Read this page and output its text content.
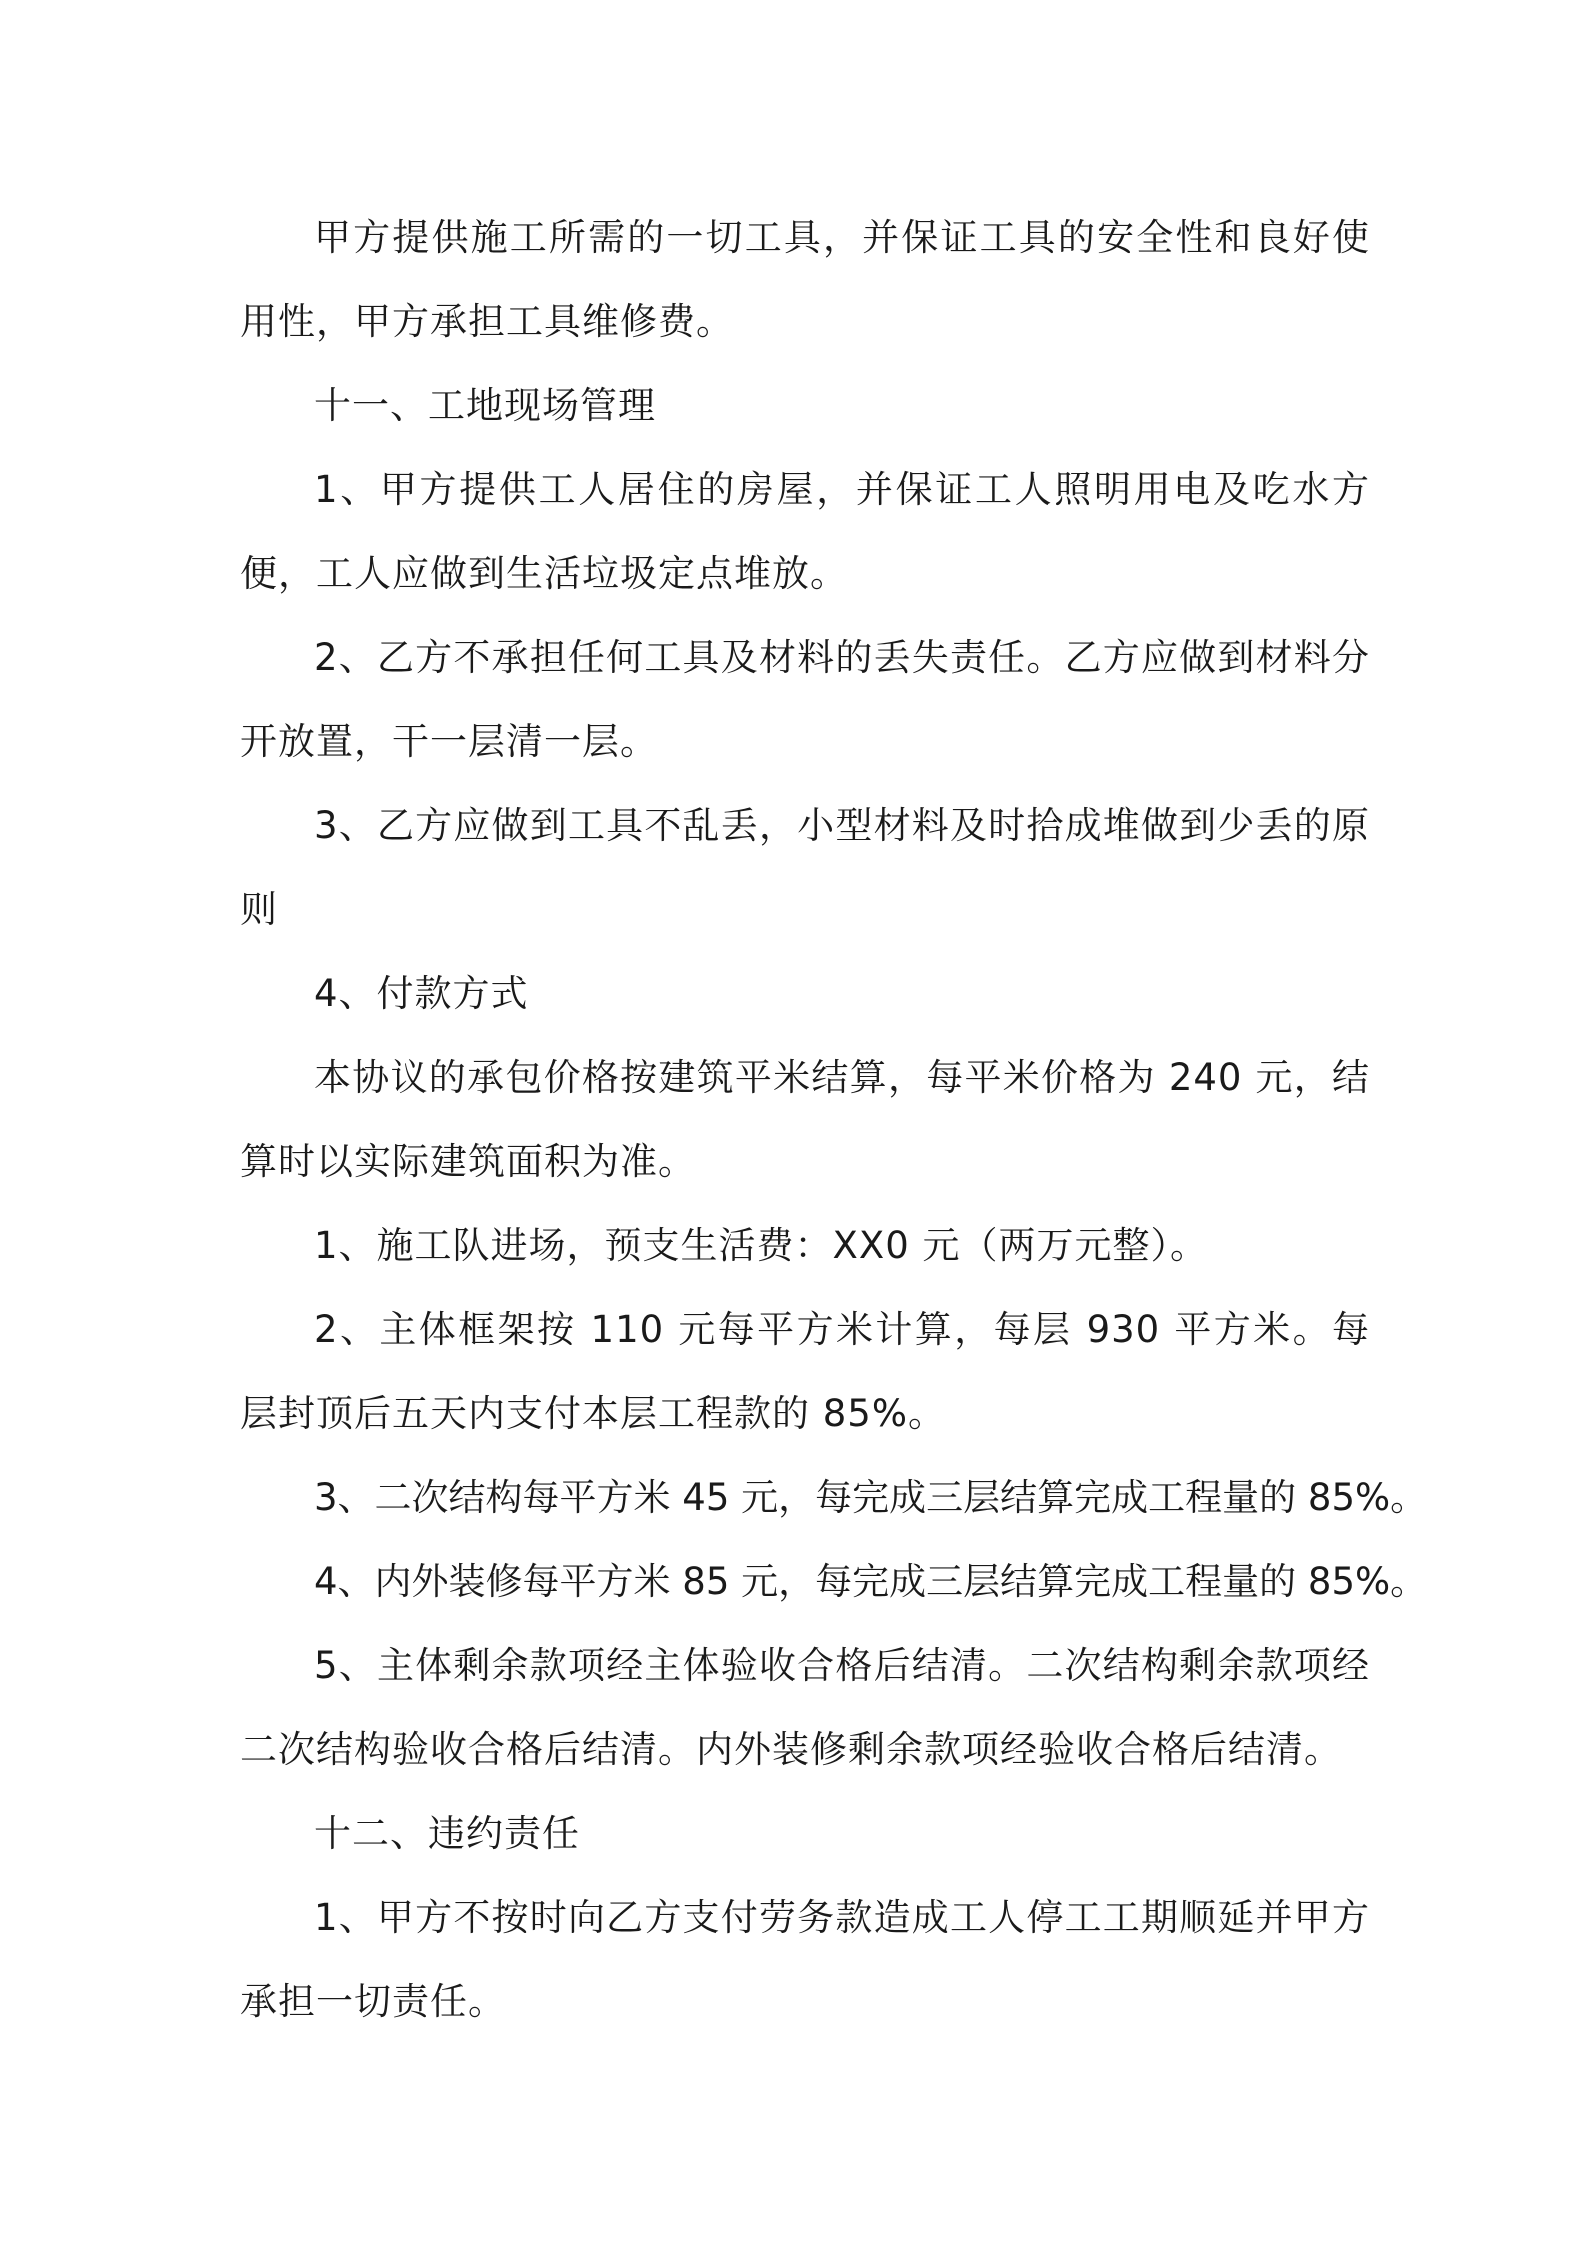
甲方提供施工所需的一切工具，并保证工具的安全性和良好使用性，甲方承担工具维修费。

十一、工地现场管理

1、甲方提供工人居住的房屋，并保证工人照明用电及吃水方便，工人应做到生活垃圾定点堆放。

2、乙方不承担任何工具及材料的丢失责任。乙方应做到材料分开放置，干一层清一层。

3、乙方应做到工具不乱丢，小型材料及时拾成堆做到少丢的原则

4、付款方式

本协议的承包价格按建筑平米结算，每平米价格为 240 元，结算时以实际建筑面积为准。

1、施工队进场，预支生活费：XX0 元（两万元整）。

2、主体框架按 110 元每平方米计算，每层 930 平方米。每层封顶后五天内支付本层工程款的 85%。

3、二次结构每平方米 45 元，每完成三层结算完成工程量的 85%。

4、内外装修每平方米 85 元，每完成三层结算完成工程量的 85%。

5、主体剩余款项经主体验收合格后结清。二次结构剩余款项经二次结构验收合格后结清。内外装修剩余款项经验收合格后结清。

十二、违约责任

1、甲方不按时向乙方支付劳务款造成工人停工工期顺延并甲方承担一切责任。
